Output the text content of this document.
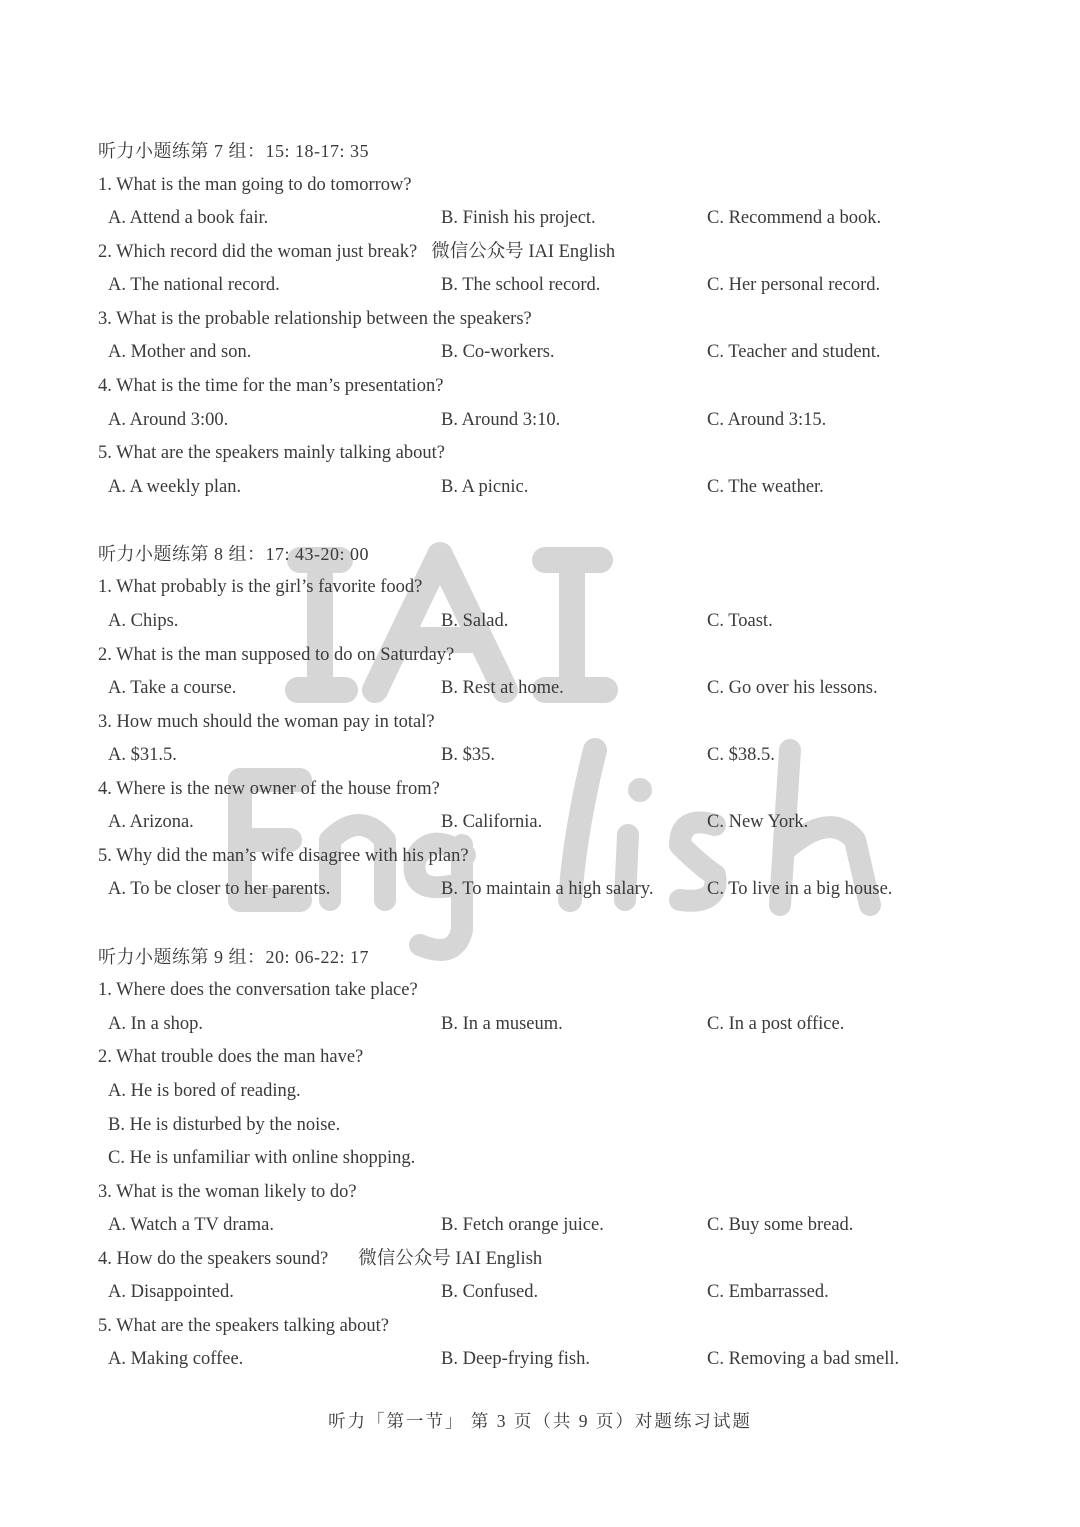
听力小题练第 7 组：15: 18-17: 35
1. What is the man going to do tomorrow?
A. Attend a book fair.	B. Finish his project.	C. Recommend a book.
2. Which record did the woman just break? 微信公众号 IAI English
A. The national record.	B. The school record.	C. Her personal record.
3. What is the probable relationship between the speakers?
A. Mother and son.	B. Co-workers.	C. Teacher and student.
4. What is the time for the man’s presentation?
A. Around 3:00.	B. Around 3:10.	C. Around 3:15.
5. What are the speakers mainly talking about?
A. A weekly plan.	B. A picnic.	C. The weather.
听力小题练第 8 组：17: 43-20: 00
1. What probably is the girl’s favorite food?
A. Chips.	B. Salad.	C. Toast.
2. What is the man supposed to do on Saturday?
A. Take a course.	B. Rest at home.	C. Go over his lessons.
3. How much should the woman pay in total?
A. $31.5.	B. $35.	C. $38.5.
4. Where is the new owner of the house from?
A. Arizona.	B. California.	C. New York.
5. Why did the man’s wife disagree with his plan?
A. To be closer to her parents.	B. To maintain a high salary.	C. To live in a big house.
听力小题练第 9 组：20: 06-22: 17
1. Where does the conversation take place?
A. In a shop.	B. In a museum.	C. In a post office.
2. What trouble does the man have?
A. He is bored of reading.
B. He is disturbed by the noise.
C. He is unfamiliar with online shopping.
3. What is the woman likely to do?
A. Watch a TV drama.	B. Fetch orange juice.	C. Buy some bread.
4. How do the speakers sound? 微信公众号 IAI English
A. Disappointed.	B. Confused.	C. Embarrassed.
5. What are the speakers talking about?
A. Making coffee.	B. Deep-frying fish.	C. Removing a bad smell.
听力「第一节」 第 3 页（共 9 页）对题练习试题
